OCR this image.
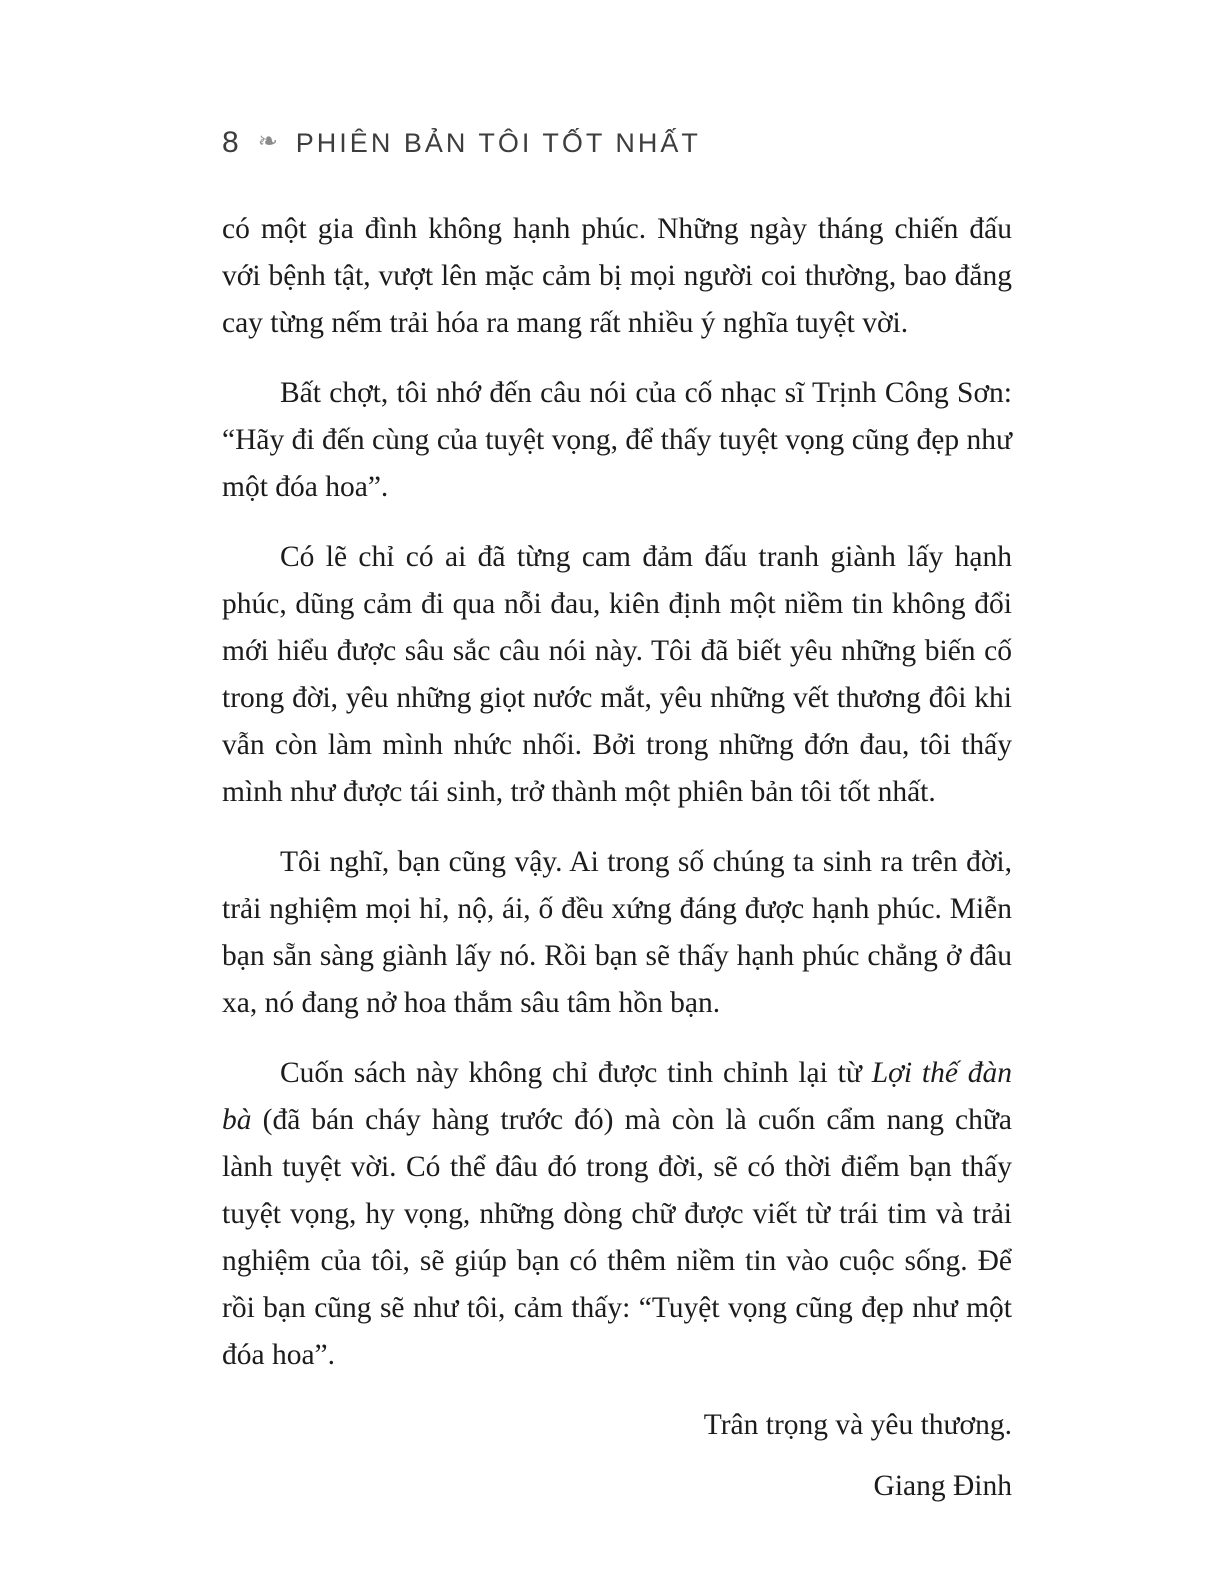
8 ❧ PHIÊN BẢN TÔI TỐT NHẤT

có một gia đình không hạnh phúc. Những ngày tháng chiến đấu với bệnh tật, vượt lên mặc cảm bị mọi người coi thường, bao đắng cay từng nếm trải hóa ra mang rất nhiều ý nghĩa tuyệt vời.

Bất chợt, tôi nhớ đến câu nói của cố nhạc sĩ Trịnh Công Sơn: “Hãy đi đến cùng của tuyệt vọng, để thấy tuyệt vọng cũng đẹp như một đóa hoa”.

Có lẽ chỉ có ai đã từng cam đảm đấu tranh giành lấy hạnh phúc, dũng cảm đi qua nỗi đau, kiên định một niềm tin không đổi mới hiểu được sâu sắc câu nói này. Tôi đã biết yêu những biến cố trong đời, yêu những giọt nước mắt, yêu những vết thương đôi khi vẫn còn làm mình nhức nhối. Bởi trong những đớn đau, tôi thấy mình như được tái sinh, trở thành một phiên bản tôi tốt nhất.

Tôi nghĩ, bạn cũng vậy. Ai trong số chúng ta sinh ra trên đời, trải nghiệm mọi hỉ, nộ, ái, ố đều xứng đáng được hạnh phúc. Miễn bạn sẵn sàng giành lấy nó. Rồi bạn sẽ thấy hạnh phúc chẳng ở đâu xa, nó đang nở hoa thắm sâu tâm hồn bạn.

Cuốn sách này không chỉ được tinh chỉnh lại từ Lợi thế đàn bà (đã bán cháy hàng trước đó) mà còn là cuốn cẩm nang chữa lành tuyệt vời. Có thể đâu đó trong đời, sẽ có thời điểm bạn thấy tuyệt vọng, hy vọng, những dòng chữ được viết từ trái tim và trải nghiệm của tôi, sẽ giúp bạn có thêm niềm tin vào cuộc sống. Để rồi bạn cũng sẽ như tôi, cảm thấy: “Tuyệt vọng cũng đẹp như một đóa hoa”.

Trân trọng và yêu thương.

Giang Đinh
